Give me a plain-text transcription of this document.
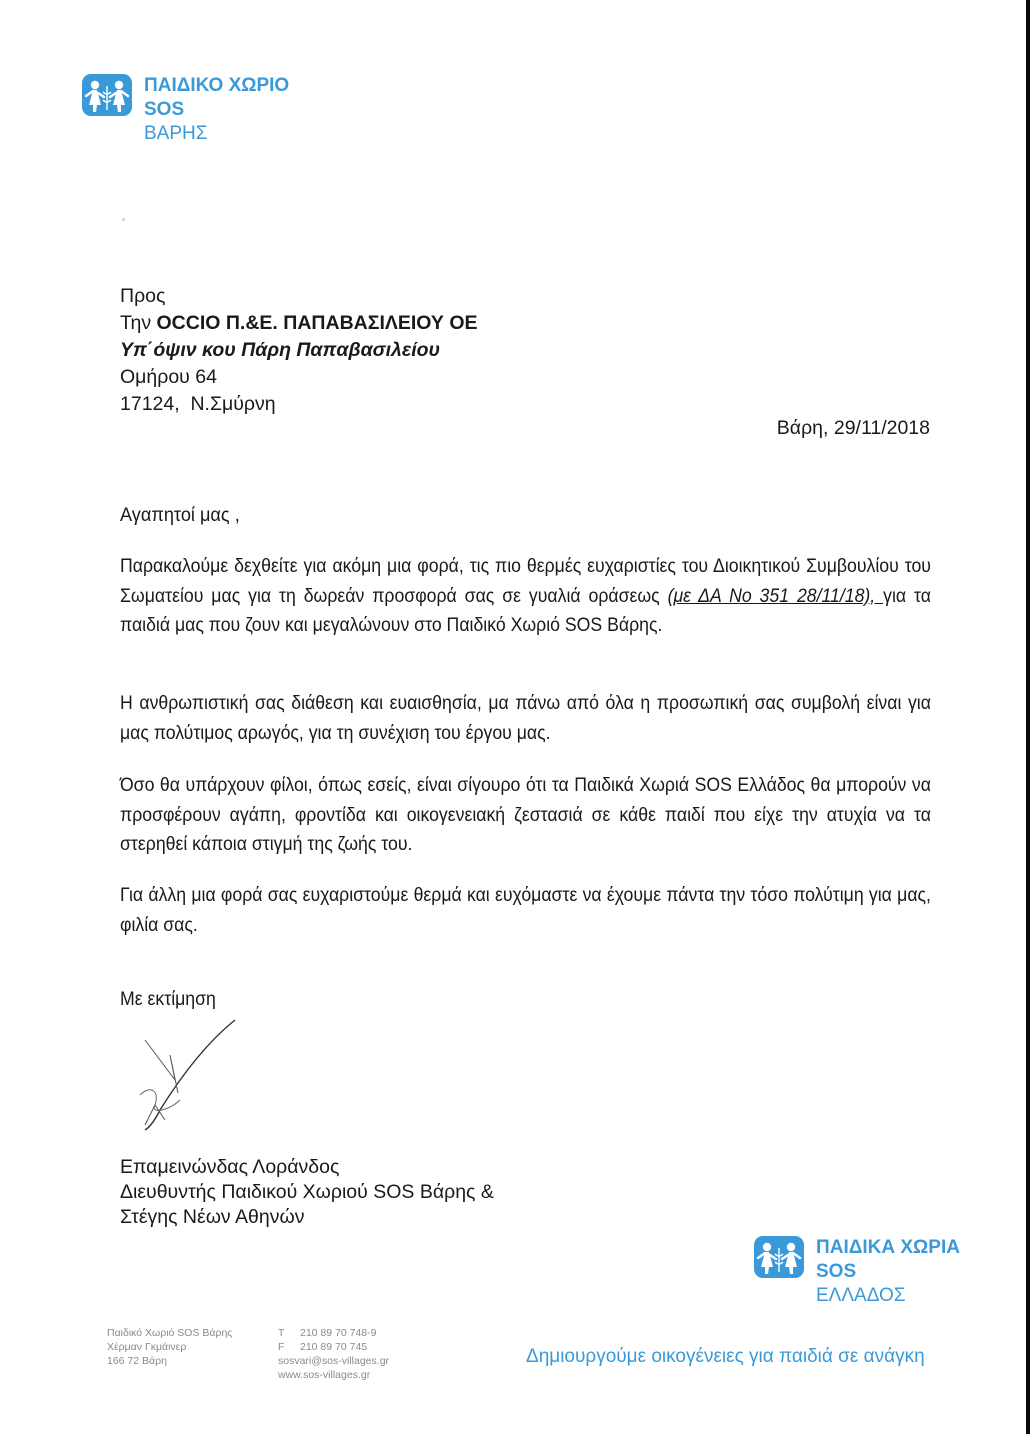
ΠΑΙΔΙΚΟ ΧΩΡΙΟ
SOS
ΒΑΡΗΣ
Προς
Την OCCIO Π.&Ε. ΠΑΠΑΒΑΣΙΛΕΙΟΥ ΟΕ
Υπ΄όψιν κου Πάρη Παπαβασιλείου
Ομήρου 64
17124,  Ν.Σμύρνη
Βάρη, 29/11/2018
Αγαπητοί μας ,
Παρακαλούμε δεχθείτε για ακόμη μια φορά, τις πιο θερμές ευχαριστίες του Διοικητικού Συμβουλίου του Σωματείου μας για τη δωρεάν προσφορά σας σε γυαλιά οράσεως (με ΔΑ Νο 351 28/11/18), για τα παιδιά μας που ζουν και μεγαλώνουν στο Παιδικό Χωριό SOS Βάρης.
Η ανθρωπιστική σας διάθεση και ευαισθησία, μα πάνω από όλα η προσωπική σας συμβολή είναι για μας πολύτιμος αρωγός, για τη συνέχιση του έργου μας.
Όσο θα υπάρχουν φίλοι, όπως εσείς, είναι σίγουρο ότι τα Παιδικά Χωριά SOS Ελλάδος θα μπορούν να προσφέρουν αγάπη, φροντίδα και οικογενειακή ζεστασιά σε κάθε παιδί που είχε την ατυχία να τα στερηθεί κάποια στιγμή της ζωής του.
Για άλλη μια φορά σας ευχαριστούμε θερμά και ευχόμαστε να έχουμε πάντα την τόσο πολύτιμη για μας, φιλία σας.
Με εκτίμηση
Επαμεινώνδας Λοράνδος
Διευθυντής Παιδικού Χωριού SOS Βάρης &
Στέγης Νέων Αθηνών
ΠΑΙΔΙΚΑ ΧΩΡΙΑ
SOS
ΕΛΛΑΔΟΣ
Παιδικό Χωριό SOS Βάρης
Χέρμαν Γκμάινερ
166 72 Βάρη
T 210 89 70 748-9
F 210 89 70 745
sosvari@sos-villages.gr
www.sos-villages.gr
Δημιουργούμε οικογένειες για παιδιά σε ανάγκη
